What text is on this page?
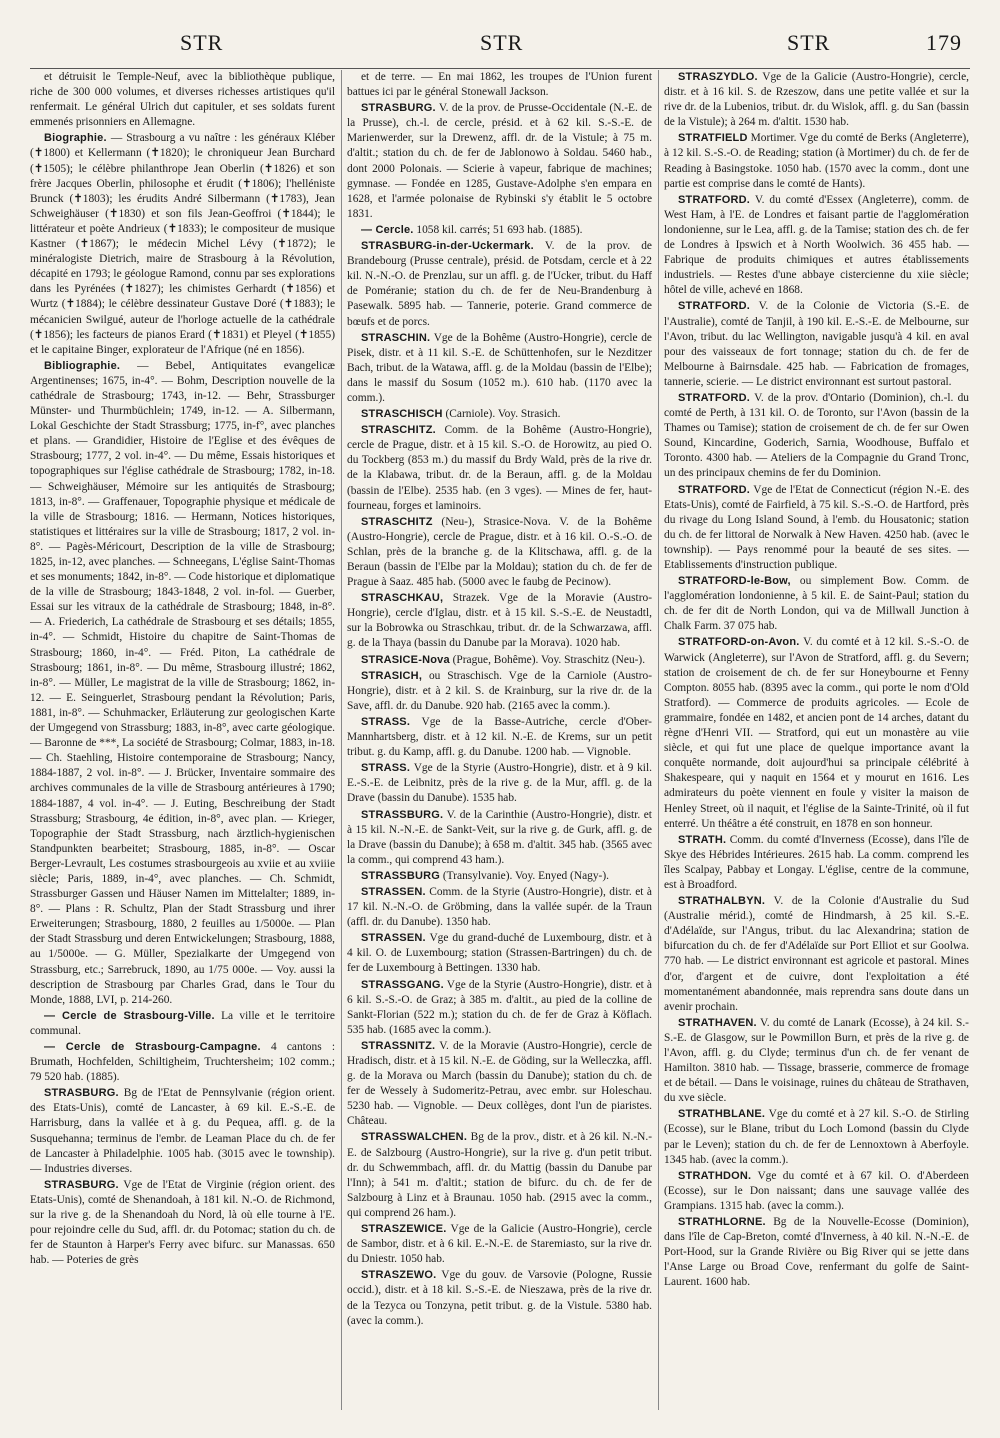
STR	STR	STR	179

et détruisit le Temple-Neuf, avec la bibliothèque publique, riche de 300 000 volumes, et diverses richesses artistiques qu'il renfermait. Le général Ulrich dut capituler, et ses soldats furent emmenés prisonniers en Allemagne.

Biographie. — Strasbourg a vu naître : les généraux Kléber (✝1800) et Kellermann (✝1820); le chroniqueur Jean Burchard (✝1505); le célèbre philanthrope Jean Oberlin (✝1826) et son frère Jacques Oberlin, philosophe et érudit (✝1806); l'helléniste Brunck (✝1803); les érudits André Silbermann (✝1783), Jean Schweighäuser (✝1830) et son fils Jean-Geoffroi (✝1844); le littérateur et poète Andrieux (✝1833); le compositeur de musique Kastner (✝1867); le médecin Michel Lévy (✝1872); le minéralogiste Dietrich, maire de Strasbourg à la Révolution, décapité en 1793; le géologue Ramond, connu par ses explorations dans les Pyrénées (✝1827); les chimistes Gerhardt (✝1856) et Wurtz (✝1884); le célèbre dessinateur Gustave Doré (✝1883); le mécanicien Swilgué, auteur de l'horloge actuelle de la cathédrale (✝1856); les facteurs de pianos Erard (✝1831) et Pleyel (✝1855) et le capitaine Binger, explorateur de l'Afrique (né en 1856).

Bibliographie. — Bebel, Antiquitates evangelicæ Argentinenses; 1675, in-4°. — Bohm, Description nouvelle de la cathédrale de Strasbourg; 1743, in-12. — Behr, Strassburger Münster- und Thurmbüchlein; 1749, in-12. — A. Silbermann, Lokal Geschichte der Stadt Strassburg; 1775, in-f°, avec planches et plans. — Grandidier, Histoire de l'Eglise et des évêques de Strasbourg; 1777, 2 vol. in-4°. — Du même, Essais historiques et topographiques sur l'église cathédrale de Strasbourg; 1782, in-18. — Schweighäuser, Mémoire sur les antiquités de Strasbourg; 1813, in-8°. — Graffenauer, Topographie physique et médicale de la ville de Strasbourg; 1816. — Hermann, Notices historiques, statistiques et littéraires sur la ville de Strasbourg; 1817, 2 vol. in-8°. — Pagès-Méricourt, Description de la ville de Strasbourg; 1825, in-12, avec planches. — Schneegans, L'église Saint-Thomas et ses monuments; 1842, in-8°. — Code historique et diplomatique de la ville de Strasbourg; 1843-1848, 2 vol. in-fol. — Guerber, Essai sur les vitraux de la cathédrale de Strasbourg; 1848, in-8°. — A. Friederich, La cathédrale de Strasbourg et ses détails; 1855, in-4°. — Schmidt, Histoire du chapitre de Saint-Thomas de Strasbourg; 1860, in-4°. — Fréd. Piton, La cathédrale de Strasbourg; 1861, in-8°. — Du même, Strasbourg illustré; 1862, in-8°. — Müller, Le magistrat de la ville de Strasbourg; 1862, in-12. — E. Seinguerlet, Strasbourg pendant la Révolution; Paris, 1881, in-8°. — Schuhmacker, Erläuterung zur geologischen Karte der Umgegend von Strassburg; 1883, in-8°, avec carte géologique. — Baronne de ***, La société de Strasbourg; Colmar, 1883, in-18. — Ch. Staehling, Histoire contemporaine de Strasbourg; Nancy, 1884-1887, 2 vol. in-8°. — J. Brücker, Inventaire sommaire des archives communales de la ville de Strasbourg antérieures à 1790; 1884-1887, 4 vol. in-4°. — J. Euting, Beschreibung der Stadt Strassburg; Strasbourg, 4e édition, in-8°, avec plan. — Krieger, Topographie der Stadt Strassburg, nach ärztlich-hygienischen Standpunkten bearbeitet; Strasbourg, 1885, in-8°. — Oscar Berger-Levrault, Les costumes strasbourgeois au xviie et au xviiie siècle; Paris, 1889, in-4°, avec planches. — Ch. Schmidt, Strassburger Gassen und Häuser Namen im Mittelalter; 1889, in-8°. — Plans : R. Schultz, Plan der Stadt Strassburg und ihrer Erweiterungen; Strasbourg, 1880, 2 feuilles au 1/5000e. — Plan der Stadt Strassburg und deren Entwickelungen; Strasbourg, 1888, au 1/5000e. — G. Müller, Spezialkarte der Umgegend von Strassburg, etc.; Sarrebruck, 1890, au 1/75 000e. — Voy. aussi la description de Strasbourg par Charles Grad, dans le Tour du Monde, 1888, LVI, p. 214-260.

— Cercle de Strasbourg-Ville. La ville et le territoire communal.

— Cercle de Strasbourg-Campagne. 4 cantons : Brumath, Hochfelden, Schiltigheim, Truchtersheim; 102 comm.; 79 520 hab. (1885).

STRASBURG. Bg de l'Etat de Pennsylvanie (région orient. des Etats-Unis), comté de Lancaster, à 69 kil. E.-S.-E. de Harrisburg, dans la vallée et à g. du Pequea, affl. g. de la Susquehanna; terminus de l'embr. de Leaman Place du ch. de fer de Lancaster à Philadelphie. 1005 hab. (3015 avec le township). — Industries diverses.

STRASBURG. Vge de l'Etat de Virginie (région orient. des Etats-Unis), comté de Shenandoah, à 181 kil. N.-O. de Richmond, sur la rive g. de la Shenandoah du Nord, là où elle tourne à l'E. pour rejoindre celle du Sud, affl. dr. du Potomac; station du ch. de fer de Staunton à Harper's Ferry avec bifurc. sur Manassas. 650 hab. — Poteries de grès

et de terre. — En mai 1862, les troupes de l'Union furent battues ici par le général Stonewall Jackson.

STRASBURG. V. de la prov. de Prusse-Occidentale (N.-E. de la Prusse), ch.-l. de cercle, présid. et à 62 kil. S.-S.-E. de Marienwerder, sur la Drewenz, affl. dr. de la Vistule; à 75 m. d'altit.; station du ch. de fer de Jablonowo à Soldau. 5460 hab., dont 2000 Polonais. — Scierie à vapeur, fabrique de machines; gymnase. — Fondée en 1285, Gustave-Adolphe s'en empara en 1628, et l'armée polonaise de Rybinski s'y établit le 5 octobre 1831.

— Cercle. 1058 kil. carrés; 51 693 hab. (1885).

STRASBURG-in-der-Uckermark. V. de la prov. de Brandebourg (Prusse centrale), présid. de Potsdam, cercle et à 22 kil. N.-N.-O. de Prenzlau, sur un affl. g. de l'Ucker, tribut. du Haff de Poméranie; station du ch. de fer de Neu-Brandenburg à Pasewalk. 5895 hab. — Tannerie, poterie. Grand commerce de bœufs et de porcs.

STRASCHIN. Vge de la Bohême (Austro-Hongrie), cercle de Pisek, distr. et à 11 kil. S.-E. de Schüttenhofen, sur le Nezditzer Bach, tribut. de la Watawa, affl. g. de la Moldau (bassin de l'Elbe); dans le massif du Sosum (1052 m.). 610 hab. (1170 avec la comm.).

STRASCHISCH (Carniole). Voy. Strasich.

STRASCHITZ. Comm. de la Bohême (Austro-Hongrie), cercle de Prague, distr. et à 15 kil. S.-O. de Horowitz, au pied O. du Tockberg (853 m.) du massif du Brdy Wald, près de la rive dr. de la Klabawa, tribut. dr. de la Beraun, affl. g. de la Moldau (bassin de l'Elbe). 2535 hab. (en 3 vges). — Mines de fer, haut-fourneau, forges et laminoirs.

STRASCHITZ (Neu-), Strasice-Nova. V. de la Bohême (Austro-Hongrie), cercle de Prague, distr. et à 16 kil. O.-S.-O. de Schlan, près de la branche g. de la Klitschawa, affl. g. de la Beraun (bassin de l'Elbe par la Moldau); station du ch. de fer de Prague à Saaz. 485 hab. (5000 avec le faubg de Pecinow).

STRASCHKAU, Strazek. Vge de la Moravie (Austro-Hongrie), cercle d'Iglau, distr. et à 15 kil. S.-S.-E. de Neustadtl, sur la Bobrowka ou Straschkau, tribut. dr. de la Schwarzawa, affl. g. de la Thaya (bassin du Danube par la Morava). 1020 hab.

STRASICE-Nova (Prague, Bohême). Voy. Straschitz (Neu-).

STRASICH, ou Straschisch. Vge de la Carniole (Austro-Hongrie), distr. et à 2 kil. S. de Krainburg, sur la rive dr. de la Save, affl. dr. du Danube. 920 hab. (2165 avec la comm.).

STRASS. Vge de la Basse-Autriche, cercle d'Ober-Mannhartsberg, distr. et à 12 kil. N.-E. de Krems, sur un petit tribut. g. du Kamp, affl. g. du Danube. 1200 hab. — Vignoble.

STRASS. Vge de la Styrie (Austro-Hongrie), distr. et à 9 kil. E.-S.-E. de Leibnitz, près de la rive g. de la Mur, affl. g. de la Drave (bassin du Danube). 1535 hab.

STRASSBURG. V. de la Carinthie (Austro-Hongrie), distr. et à 15 kil. N.-N.-E. de Sankt-Veit, sur la rive g. de Gurk, affl. g. de la Drave (bassin du Danube); à 658 m. d'altit. 345 hab. (3565 avec la comm., qui comprend 43 ham.).

STRASSBURG (Transylvanie). Voy. Enyed (Nagy-).

STRASSEN. Comm. de la Styrie (Austro-Hongrie), distr. et à 17 kil. N.-N.-O. de Gröbming, dans la vallée supér. de la Traun (affl. dr. du Danube). 1350 hab.

STRASSEN. Vge du grand-duché de Luxembourg, distr. et à 4 kil. O. de Luxembourg; station (Strassen-Bartringen) du ch. de fer de Luxembourg à Bettingen. 1330 hab.

STRASSGANG. Vge de la Styrie (Austro-Hongrie), distr. et à 6 kil. S.-S.-O. de Graz; à 385 m. d'altit., au pied de la colline de Sankt-Florian (522 m.); station du ch. de fer de Graz à Köflach. 535 hab. (1685 avec la comm.).

STRASSNITZ. V. de la Moravie (Austro-Hongrie), cercle de Hradisch, distr. et à 15 kil. N.-E. de Göding, sur la Welleczka, affl. g. de la Morava ou March (bassin du Danube); station du ch. de fer de Wessely à Sudomeritz-Petrau, avec embr. sur Holeschau. 5230 hab. — Vignoble. — Deux collèges, dont l'un de piaristes. Château.

STRASSWALCHEN. Bg de la prov., distr. et à 26 kil. N.-N.-E. de Salzbourg (Austro-Hongrie), sur la rive g. d'un petit tribut. dr. du Schwemmbach, affl. dr. du Mattig (bassin du Danube par l'Inn); à 541 m. d'altit.; station de bifurc. du ch. de fer de Salzbourg à Linz et à Braunau. 1050 hab. (2915 avec la comm., qui comprend 26 ham.).

STRASZEWICE. Vge de la Galicie (Austro-Hongrie), cercle de Sambor, distr. et à 6 kil. E.-N.-E. de Staremiasto, sur la rive dr. du Dniestr. 1050 hab.

STRASZEWO. Vge du gouv. de Varsovie (Pologne, Russie occid.), distr. et à 18 kil. S.-S.-E. de Nieszawa, près de la rive dr. de la Tezyca ou Tonzyna, petit tribut. g. de la Vistule. 5380 hab. (avec la comm.).

STRASZYDLO. Vge de la Galicie (Austro-Hongrie), cercle, distr. et à 16 kil. S. de Rzeszow, dans une petite vallée et sur la rive dr. de la Lubenios, tribut. dr. du Wislok, affl. g. du San (bassin de la Vistule); à 264 m. d'altit. 1530 hab.

STRATFIELD Mortimer. Vge du comté de Berks (Angleterre), à 12 kil. S.-S.-O. de Reading; station (à Mortimer) du ch. de fer de Reading à Basingstoke. 1050 hab. (1570 avec la comm., dont une partie est comprise dans le comté de Hants).

STRATFORD. V. du comté d'Essex (Angleterre), comm. de West Ham, à l'E. de Londres et faisant partie de l'agglomération londonienne, sur le Lea, affl. g. de la Tamise; station des ch. de fer de Londres à Ipswich et à North Woolwich. 36 455 hab. — Fabrique de produits chimiques et autres établissements industriels. — Restes d'une abbaye cistercienne du xiie siècle; hôtel de ville, achevé en 1868.

STRATFORD. V. de la Colonie de Victoria (S.-E. de l'Australie), comté de Tanjil, à 190 kil. E.-S.-E. de Melbourne, sur l'Avon, tribut. du lac Wellington, navigable jusqu'à 4 kil. en aval pour des vaisseaux de fort tonnage; station du ch. de fer de Melbourne à Bairnsdale. 425 hab. — Fabrication de fromages, tannerie, scierie. — Le district environnant est surtout pastoral.

STRATFORD. V. de la prov. d'Ontario (Dominion), ch.-l. du comté de Perth, à 131 kil. O. de Toronto, sur l'Avon (bassin de la Thames ou Tamise); station de croisement de ch. de fer sur Owen Sound, Kincardine, Goderich, Sarnia, Woodhouse, Buffalo et Toronto. 4300 hab. — Ateliers de la Compagnie du Grand Tronc, un des principaux chemins de fer du Dominion.

STRATFORD. Vge de l'Etat de Connecticut (région N.-E. des Etats-Unis), comté de Fairfield, à 75 kil. S.-S.-O. de Hartford, près du rivage du Long Island Sound, à l'emb. du Housatonic; station du ch. de fer littoral de Norwalk à New Haven. 4250 hab. (avec le township). — Pays renommé pour la beauté de ses sites. — Etablissements d'instruction publique.

STRATFORD-le-Bow, ou simplement Bow. Comm. de l'agglomération londonienne, à 5 kil. E. de Saint-Paul; station du ch. de fer dit de North London, qui va de Millwall Junction à Chalk Farm. 37 075 hab.

STRATFORD-on-Avon. V. du comté et à 12 kil. S.-S.-O. de Warwick (Angleterre), sur l'Avon de Stratford, affl. g. du Severn; station de croisement de ch. de fer sur Honeybourne et Fenny Compton. 8055 hab. (8395 avec la comm., qui porte le nom d'Old Stratford). — Commerce de produits agricoles. — Ecole de grammaire, fondée en 1482, et ancien pont de 14 arches, datant du règne d'Henri VII. — Stratford, qui eut un monastère au viie siècle, et qui fut une place de quelque importance avant la conquête normande, doit aujourd'hui sa principale célébrité à Shakespeare, qui y naquit en 1564 et y mourut en 1616. Les admirateurs du poète viennent en foule y visiter la maison de Henley Street, où il naquit, et l'église de la Sainte-Trinité, où il fut enterré. Un théâtre a été construit, en 1878 en son honneur.

STRATH. Comm. du comté d'Inverness (Ecosse), dans l'île de Skye des Hébrides Intérieures. 2615 hab. La comm. comprend les îles Scalpay, Pabbay et Longay. L'église, centre de la commune, est à Broadford.

STRATHALBYN. V. de la Colonie d'Australie du Sud (Australie mérid.), comté de Hindmarsh, à 25 kil. S.-E. d'Adélaïde, sur l'Angus, tribut. du lac Alexandrina; station de bifurcation du ch. de fer d'Adélaïde sur Port Elliot et sur Goolwa. 770 hab. — Le district environnant est agricole et pastoral. Mines d'or, d'argent et de cuivre, dont l'exploitation a été momentanément abandonnée, mais reprendra sans doute dans un avenir prochain.

STRATHAVEN. V. du comté de Lanark (Ecosse), à 24 kil. S.-S.-E. de Glasgow, sur le Powmillon Burn, et près de la rive g. de l'Avon, affl. g. du Clyde; terminus d'un ch. de fer venant de Hamilton. 3810 hab. — Tissage, brasserie, commerce de fromage et de bétail. — Dans le voisinage, ruines du château de Strathaven, du xve siècle.

STRATHBLANE. Vge du comté et à 27 kil. S.-O. de Stirling (Ecosse), sur le Blane, tribut du Loch Lomond (bassin du Clyde par le Leven); station du ch. de fer de Lennoxtown à Aberfoyle. 1345 hab. (avec la comm.).

STRATHDON. Vge du comté et à 67 kil. O. d'Aberdeen (Ecosse), sur le Don naissant; dans une sauvage vallée des Grampians. 1315 hab. (avec la comm.).

STRATHLORNE. Bg de la Nouvelle-Ecosse (Dominion), dans l'île de Cap-Breton, comté d'Inverness, à 40 kil. N.-N.-E. de Port-Hood, sur la Grande Rivière ou Big River qui se jette dans l'Anse Large ou Broad Cove, renfermant du golfe de Saint-Laurent. 1600 hab.
